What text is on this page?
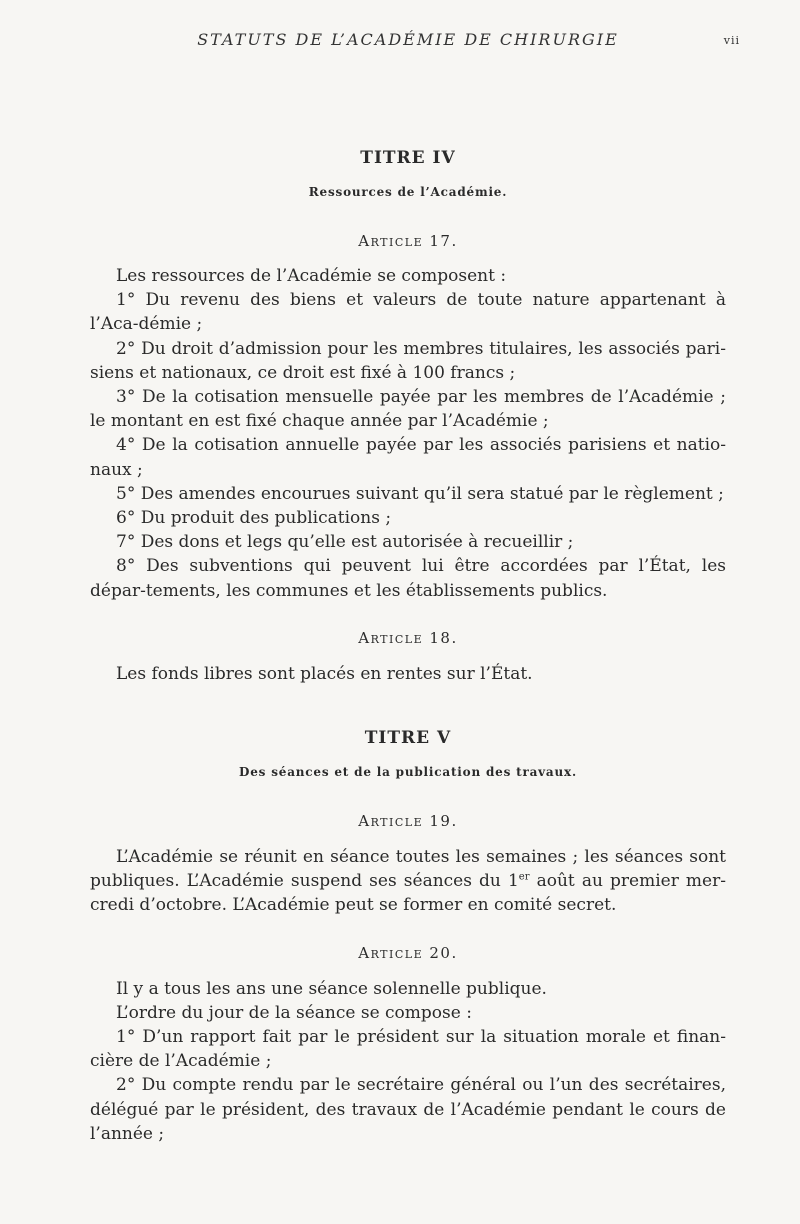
STATUTS DE L’ACADÉMIE DE CHIRURGIE	vii
TITRE IV
Ressources de l’Académie.
Article 17.

Les ressources de l’Académie se composent :

1° Du revenu des biens et valeurs de toute nature appartenant à l’Aca-démie ;

2° Du droit d’admission pour les membres titulaires, les associés pari-siens et nationaux, ce droit est fixé à 100 francs ;

3° De la cotisation mensuelle payée par les membres de l’Académie ; le montant en est fixé chaque année par l’Académie ;

4° De la cotisation annuelle payée par les associés parisiens et natio-naux ;

5° Des amendes encourues suivant qu’il sera statué par le règlement ;

6° Du produit des publications ;

7° Des dons et legs qu’elle est autorisée à recueillir ;

8° Des subventions qui peuvent lui être accordées par l’État, les dépar-tements, les communes et les établissements publics.

Article 18.

Les fonds libres sont placés en rentes sur l’État.

TITRE V
Des séances et de la publication des travaux.
Article 19.

L’Académie se réunit en séance toutes les semaines ; les séances sont publiques. L’Académie suspend ses séances du 1er août au premier mer-credi d’octobre. L’Académie peut se former en comité secret.

Article 20.

Il y a tous les ans une séance solennelle publique.

L’ordre du jour de la séance se compose :

1° D’un rapport fait par le président sur la situation morale et finan-cière de l’Académie ;

2° Du compte rendu par le secrétaire général ou l’un des secrétaires, délégué par le président, des travaux de l’Académie pendant le cours de l’année ;
